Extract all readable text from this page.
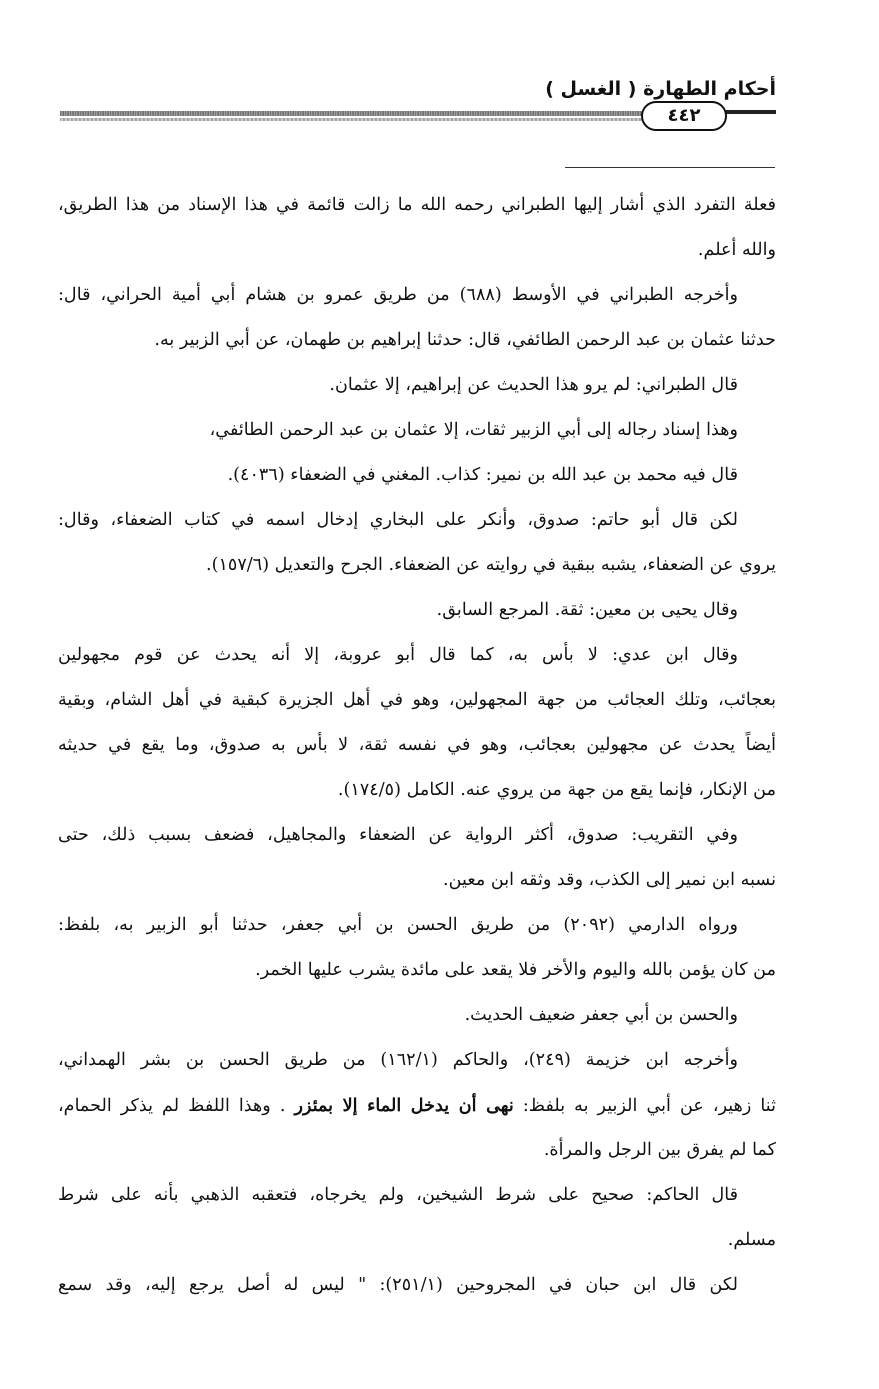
أحكام الطهارة ( الغسل )
٤٤٢
فعلة التفرد الذي أشار إليها الطبراني رحمه الله ما زالت قائمة في هذا الإسناد من هذا الطريق،
والله أعلم.
وأخرجه الطبراني في الأوسط (٦٨٨) من طريق عمرو بن هشام أبي أمية الحراني، قال:
حدثنا عثمان بن عبد الرحمن الطائفي، قال: حدثنا إبراهيم بن طهمان، عن أبي الزبير به.
قال الطبراني: لم يرو هذا الحديث عن إبراهيم، إلا عثمان.
وهذا إسناد رجاله إلى أبي الزبير ثقات، إلا عثمان بن عبد الرحمن الطائفي،
قال فيه محمد بن عبد الله بن نمير: كذاب. المغني في الضعفاء (٤٠٣٦).
لكن قال أبو حاتم: صدوق، وأنكر على البخاري إدخال اسمه في كتاب الضعفاء، وقال:
يروي عن الضعفاء، يشبه ببقية في روايته عن الضعفاء. الجرح والتعديل (١٥٧/٦).
وقال يحيى بن معين: ثقة. المرجع السابق.
وقال ابن عدي: لا بأس به، كما قال أبو عروبة، إلا أنه يحدث عن قوم مجهولين
بعجائب، وتلك العجائب من جهة المجهولين، وهو في أهل الجزيرة كبقية في أهل الشام، وبقية
أيضاً يحدث عن مجهولين بعجائب، وهو في نفسه ثقة، لا بأس به صدوق، وما يقع في حديثه
من الإنكار، فإنما يقع من جهة من يروي عنه. الكامل (١٧٤/٥).
وفي التقريب: صدوق، أكثر الرواية عن الضعفاء والمجاهيل، فضعف بسبب ذلك، حتى
نسبه ابن نمير إلى الكذب، وقد وثقه ابن معين.
ورواه الدارمي (٢٠٩٢) من طريق الحسن بن أبي جعفر، حدثنا أبو الزبير به، بلفظ:
من كان يؤمن بالله واليوم والأخر فلا يقعد على مائدة يشرب عليها الخمر.
والحسن بن أبي جعفر ضعيف الحديث.
وأخرجه ابن خزيمة (٢٤٩)، والحاكم (١٦٢/١) من طريق الحسن بن بشر الهمداني،
ثنا زهير، عن أبي الزبير به بلفظ: نهى أن يدخل الماء إلا بمئزر . وهذا اللفظ لم يذكر الحمام،
كما لم يفرق بين الرجل والمرأة.
قال الحاكم: صحيح على شرط الشيخين، ولم يخرجاه، فتعقبه الذهبي بأنه على شرط
مسلم.
لكن قال ابن حبان في المجروحين (٢٥١/١): " ليس له أصل يرجع إليه، وقد سمع
